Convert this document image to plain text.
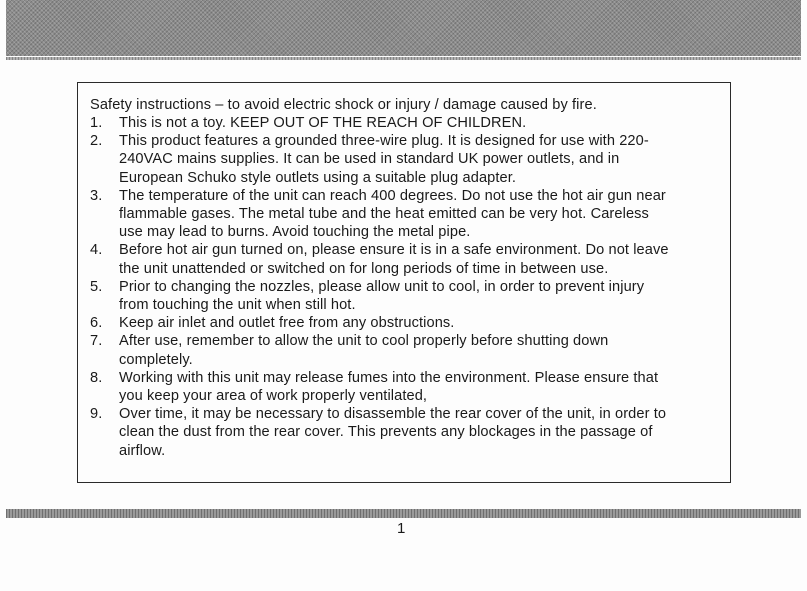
Safety instructions – to avoid electric shock or injury / damage caused by fire.

1. This is not a toy. KEEP OUT OF THE REACH OF CHILDREN.
2. This product features a grounded three-wire plug. It is designed for use with 220-
240VAC mains supplies. It can be used in standard UK power outlets, and in
European Schuko style outlets using a suitable plug adapter.
3. The temperature of the unit can reach 400 degrees. Do not use the hot air gun near
flammable gases. The metal tube and the heat emitted can be very hot. Careless
use may lead to burns. Avoid touching the metal pipe.
4. Before hot air gun turned on, please ensure it is in a safe environment. Do not leave
the unit unattended or switched on for long periods of time in between use.
5. Prior to changing the nozzles, please allow unit to cool, in order to prevent injury
from touching the unit when still hot.
6. Keep air inlet and outlet free from any obstructions.
7. After use, remember to allow the unit to cool properly before shutting down
completely.
8. Working with this unit may release fumes into the environment. Please ensure that
you keep your area of work properly ventilated,
9. Over time, it may be necessary to disassemble the rear cover of the unit, in order to
clean the dust from the rear cover. This prevents any blockages in the passage of
airflow.
1
